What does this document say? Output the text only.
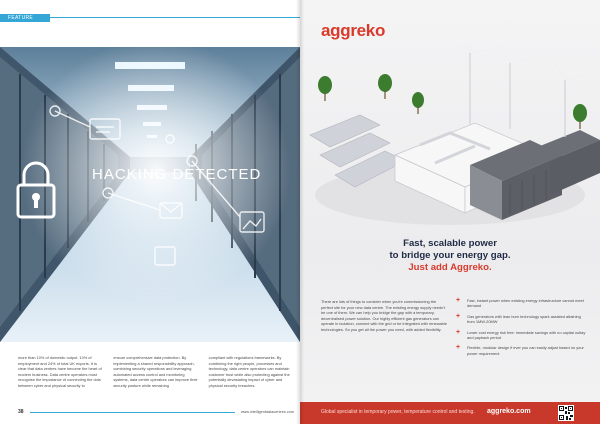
FEATURE
HACKING DETECTED
more than 10% of domestic output. 10% of employment and 24% of total UK exports. It is clear that data centres have become the heart of modern business. Data centre operators must recognise the importance of connecting the dots between cyber and physical security to
ensure comprehensive data protection. By implementing a shared responsibility approach, combining security operations and leveraging automated access control and monitoring systems, data centre operators can improve their security posture while remaining
compliant with regulations frameworks. By combining the right people, processes and technology, data centre operators can maintain customer trust while also protecting against the potentially devastating impact of cyber and physical security breaches.
38	www.intelligentdatacentres.com
aggreko
Fast, scalable power
to bridge your energy gap.
Just add Aggreko.
There are lots of things to consider when you're commissioning the perfect site for your new data centre. The existing energy supply needn't be one of them. We can help you bridge the gap with a temporary, decentralised power solution. Our highly efficient gas generators can operate in isolation, connect with the grid or be integrated with renewable technologies. So you get all the power you need, with added flexibility.
+ Fast, instant power when existing energy infrastructure cannot meet demand
+ Gas generators with lean burn technology spark assisted attaining from 1MW-20MW
+ Lower cost energy risk free: immediate savings with no capital outlay and payback period
+ Flexible, modular design if ever you can easily adjust based on your power requirement
Global specialist in temporary power, temperature control and testing. aggreko.com
